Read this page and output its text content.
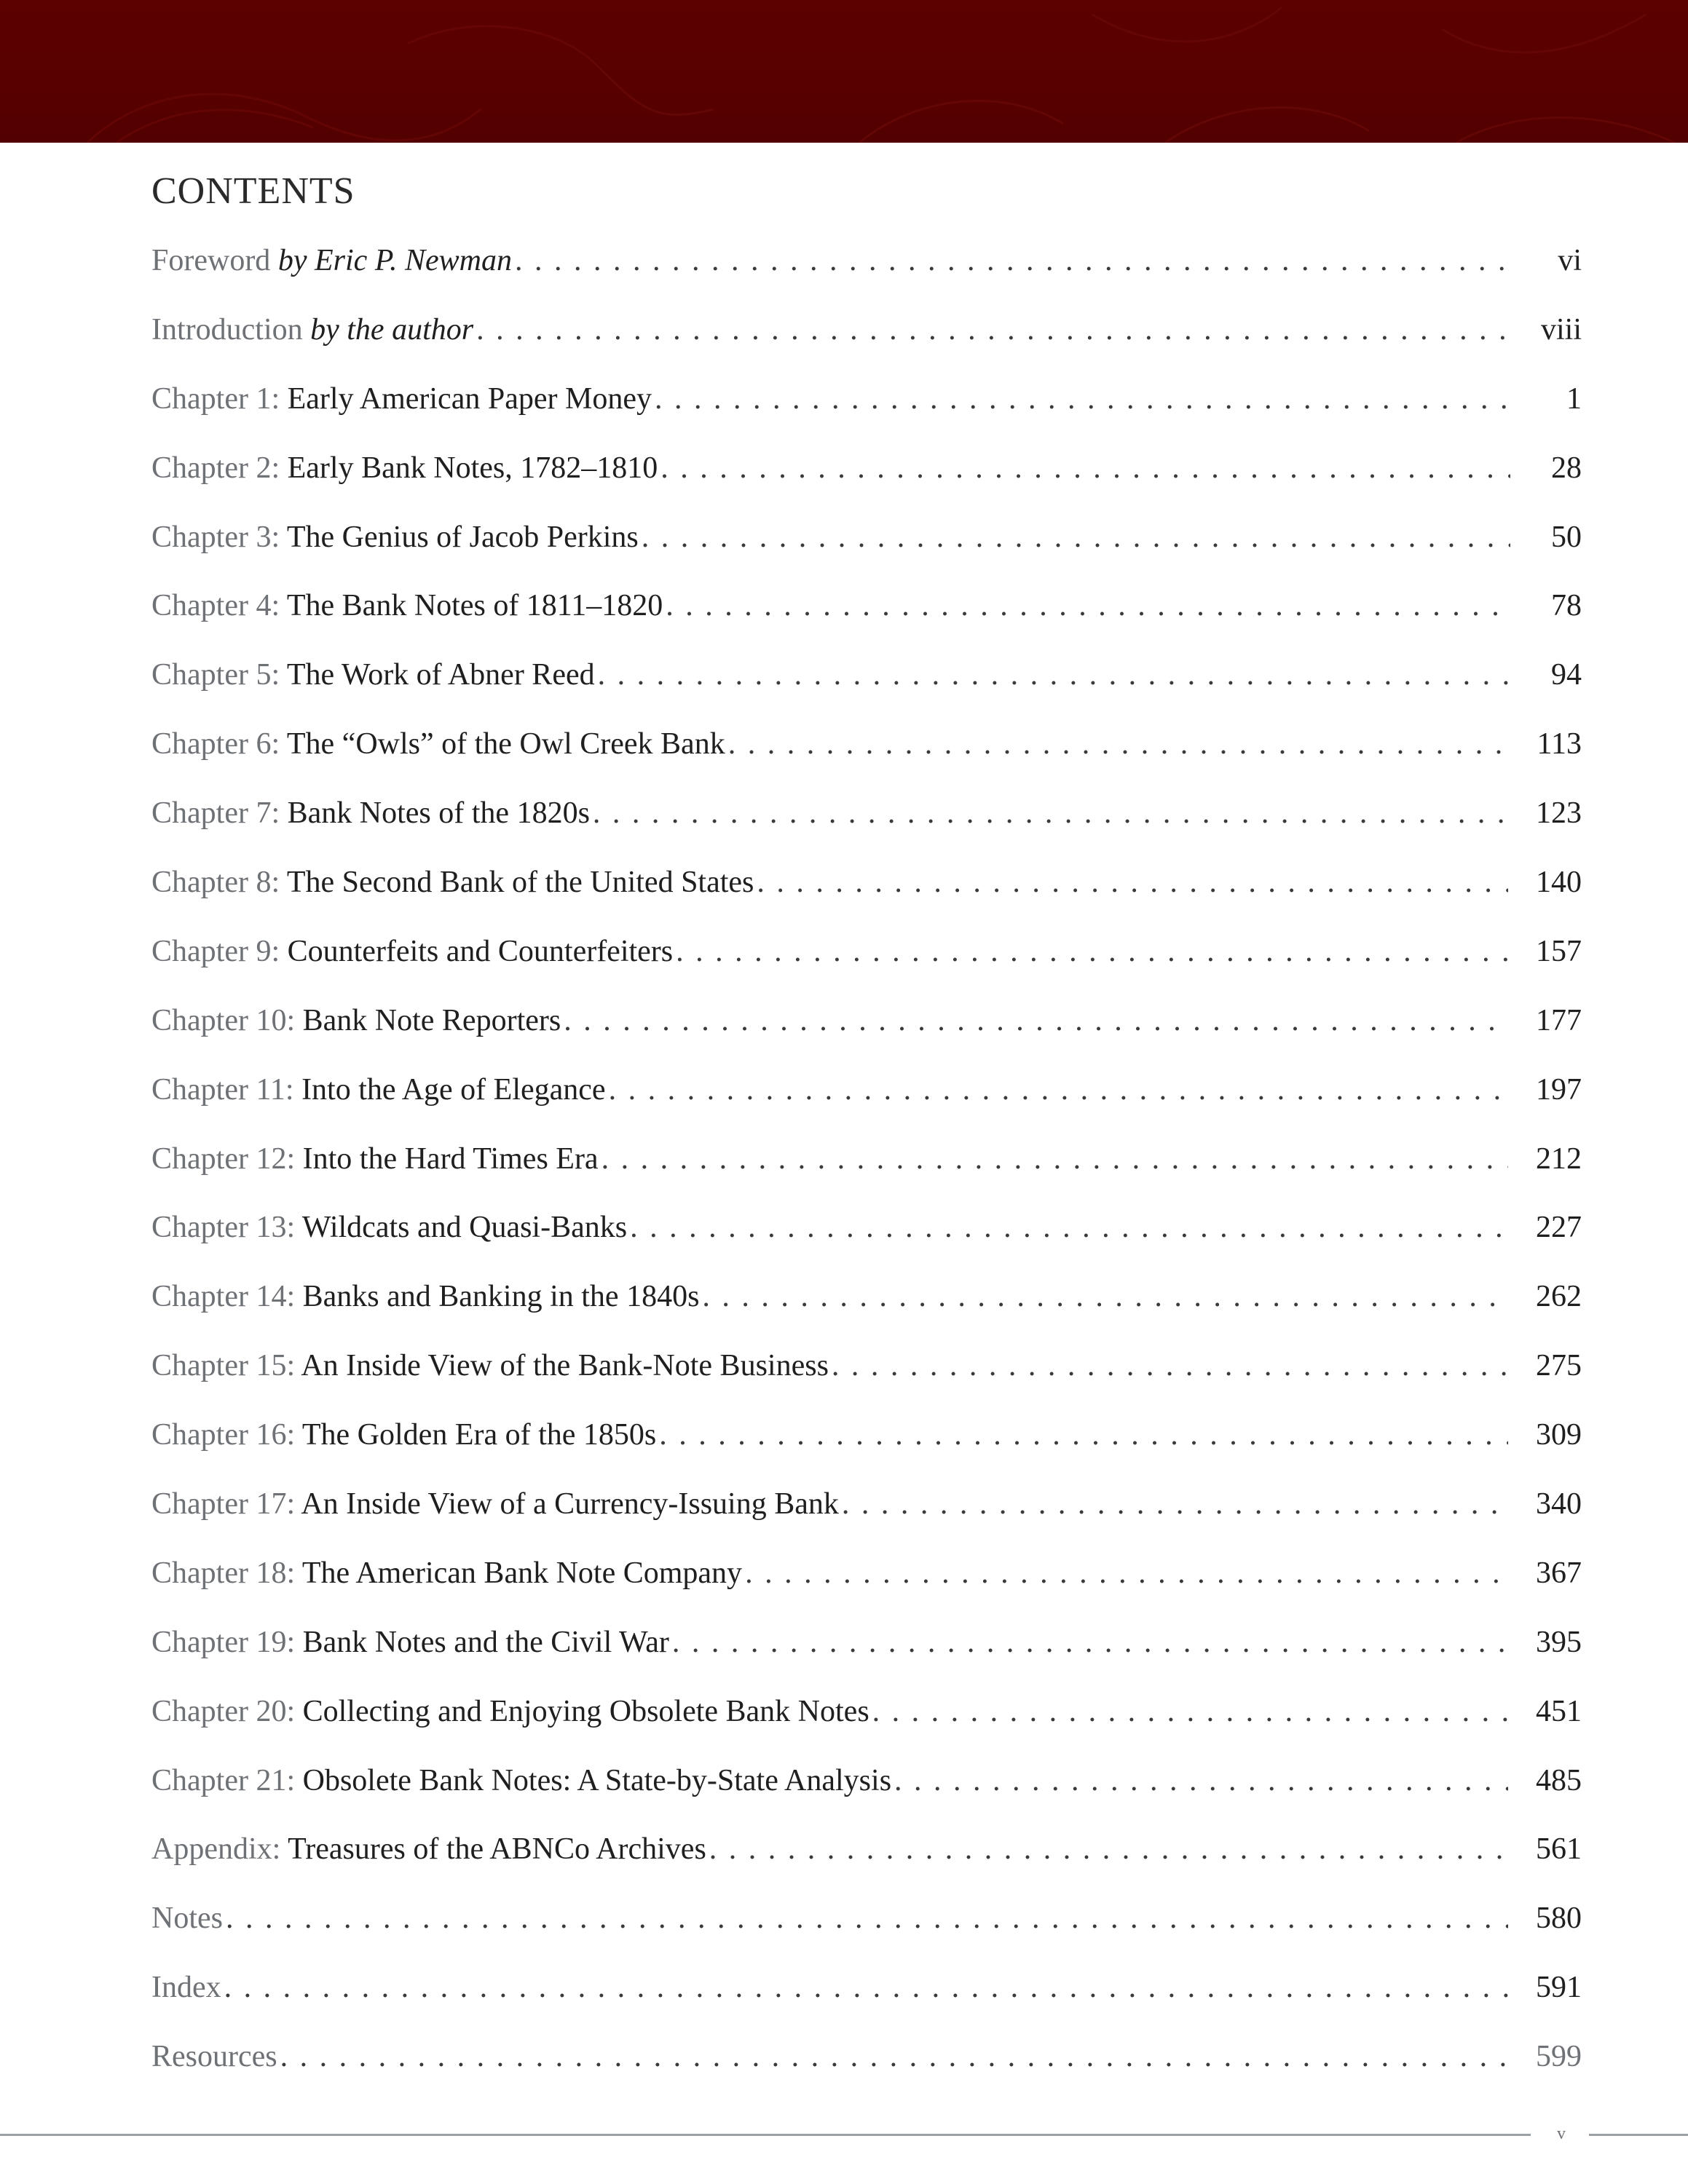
CONTENTS
Foreword by Eric P. Newman . . .	vi
Introduction by the author . . .	viii
Chapter 1: Early American Paper Money . . .	1
Chapter 2: Early Bank Notes, 1782–1810 . . .	28
Chapter 3: The Genius of Jacob Perkins . . .	50
Chapter 4: The Bank Notes of 1811–1820 . . .	78
Chapter 5: The Work of Abner Reed . . .	94
Chapter 6: The “Owls” of the Owl Creek Bank . . .	113
Chapter 7: Bank Notes of the 1820s . . .	123
Chapter 8: The Second Bank of the United States . . .	140
Chapter 9: Counterfeits and Counterfeiters . . .	157
Chapter 10: Bank Note Reporters . . .	177
Chapter 11: Into the Age of Elegance . . .	197
Chapter 12: Into the Hard Times Era . . .	212
Chapter 13: Wildcats and Quasi-Banks . . .	227
Chapter 14: Banks and Banking in the 1840s . . .	262
Chapter 15: An Inside View of the Bank-Note Business . . .	275
Chapter 16: The Golden Era of the 1850s . . .	309
Chapter 17: An Inside View of a Currency-Issuing Bank . . .	340
Chapter 18: The American Bank Note Company . . .	367
Chapter 19: Bank Notes and the Civil War . . .	395
Chapter 20: Collecting and Enjoying Obsolete Bank Notes . . .	451
Chapter 21: Obsolete Bank Notes: A State-by-State Analysis . . .	485
Appendix: Treasures of the ABNCo Archives . . .	561
Notes . . .	580
Index . . .	591
Resources . . .	599
v
